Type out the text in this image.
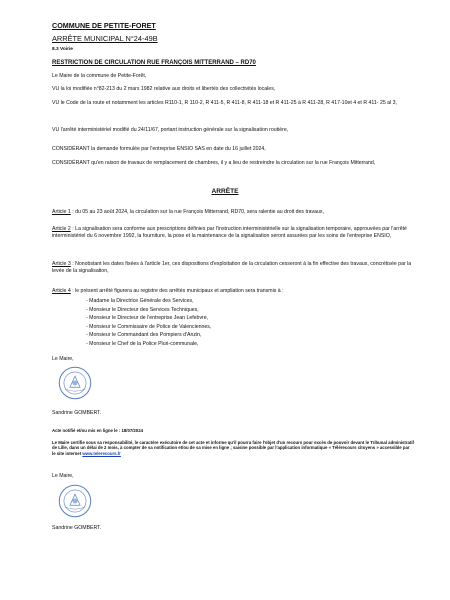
COMMUNE DE PETITE-FORET
ARRÊTE MUNICIPAL N°24-49B
8.3 Voirie
RESTRICTION DE CIRCULATION RUE FRANÇOIS MITTERRAND – RD70
Le Maire de la commune de Petite-Forêt,
VU la loi modifiée n°82-213 du 2 mars 1982 relative aux droits et libertés des collectivités locales,
VU le Code de la route et notamment les articles R110-1, R 110-2, R 411-5, R 411-8, R 411-18 et R 411-25 à R 411-28, R 417-10et 4 et R 411- 25 al 3,
VU l'arrêté interministériel modifié du 24/11/67, portant instruction générale sur la signalisation routière,
CONSIDÉRANT la demande formulée par l'entreprise ENSIO SAS en date du 16 juillet 2024,
CONSIDÉRANT qu'en raison de travaux de remplacement de chambres, il y a lieu de restreindre la circulation sur la rue François Mitterrand,
ARRÊTE
Article 1 : du 05 au 23 août 2024, la circulation sur la rue François Mitterrand, RD70, sera ralentie au droit des travaux,
Article 2 : La signalisation sera conforme aux prescriptions définies par l'instruction interministérielle sur la signalisation temporaire, approuvées par l'arrêté interministériel du 6 novembre 1992, la fourniture, la pose et la maintenance de la signalisation seront assurées par les soins de l'entreprise ENSIO,
Article 3 : Nonobstant les dates fixées à l'article 1er, ces dispositions d'exploitation de la circulation cesseront à la fin effective des travaux, concrétisée par la levée de la signalisation,
Article 4 : le présent arrêté figurera au registre des arrêtés municipaux et ampliation sera transmis à :
- Madame la Directrice Générale des Services,
- Monsieur le Directeur des Services Techniques,
- Monsieur le Directeur de l'entreprise Jean Lefebvre,
- Monsieur le Commissaire de Police de Valenciennes,
- Monsieur le Commandant des Pompiers d'Anzin,
- Monsieur le Chef de la Police Pluri-communale,
Le Maire,
Sandrine GOMBERT.
Acte notifié et/ou mis en ligne le : 18/07/2024
Le Maire certifie sous sa responsabilité, le caractère exécutoire de cet acte et informe qu'il pourra faire l'objet d'un recours pour excès de pouvoir devant le Tribunal administratif de Lille, dans un délai de 2 mois, à compter de sa notification et/ou de sa mise en ligne ; saisine possible par l'application informatique « Télérecours citoyens » accessible par le site internet www.telerecours.fr
Le Maire,
Sandrine GOMBERT.
